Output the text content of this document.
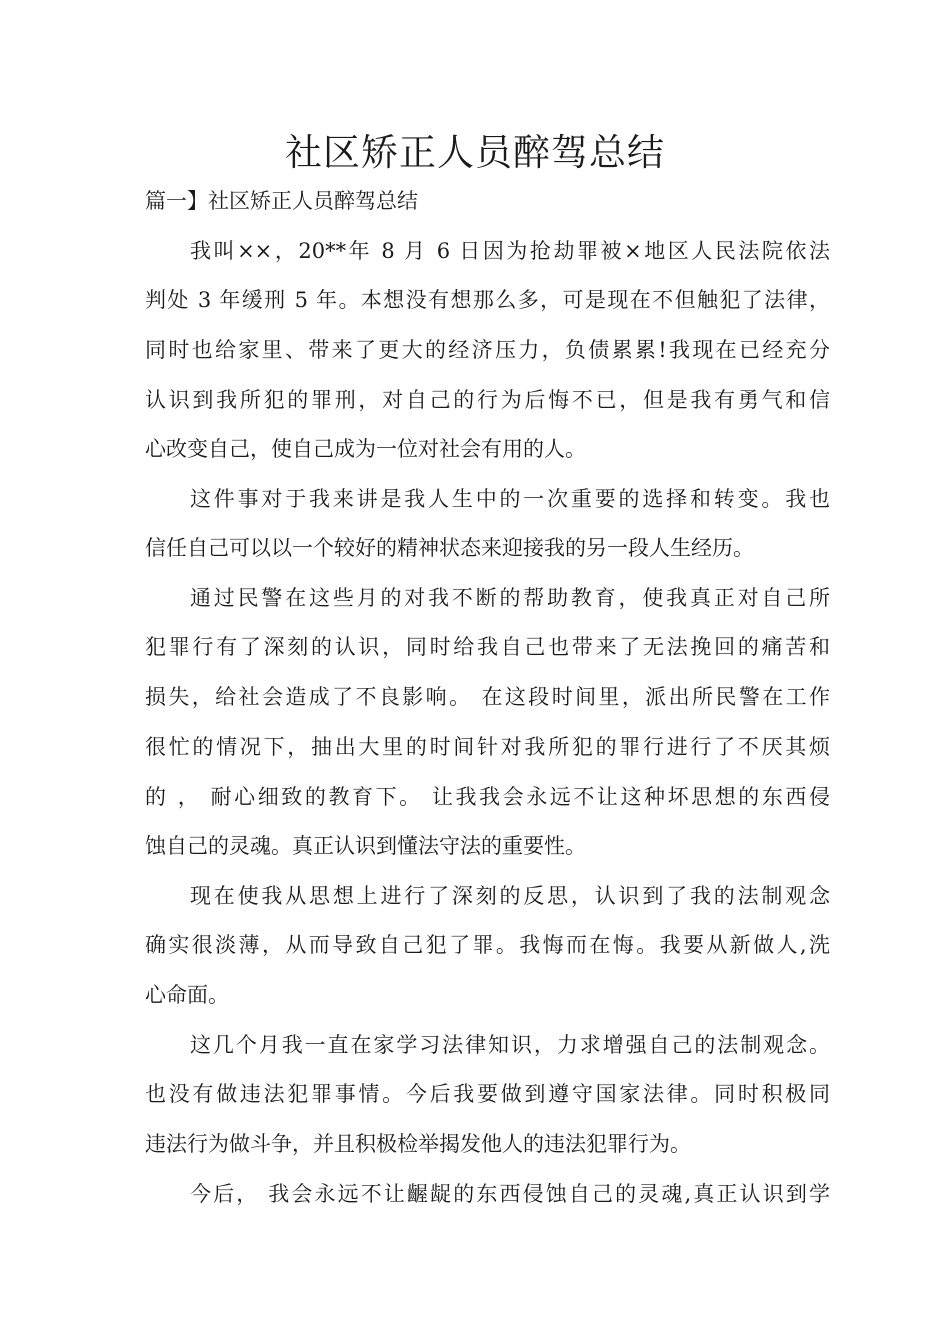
社区矫正人员醉驾总结

篇一】社区矫正人员醉驾总结

我叫××，20**年 8 月 6 日因为抢劫罪被×地区人民法院依法

判处 3 年缓刑 5 年。本想没有想那么多，可是现在不但触犯了法律，

同时也给家里、带来了更大的经济压力，负债累累!我现在已经充分

认识到我所犯的罪刑，对自己的行为后悔不已，但是我有勇气和信

心改变自己，使自己成为一位对社会有用的人。

这件事对于我来讲是我人生中的一次重要的选择和转变。我也

信任自己可以以一个较好的精神状态来迎接我的另一段人生经历。

通过民警在这些月的对我不断的帮助教育，使我真正对自己所

犯罪行有了深刻的认识，同时给我自己也带来了无法挽回的痛苦和

损失，给社会造成了不良影响。 在这段时间里，派出所民警在工作

很忙的情况下，抽出大里的时间针对我所犯的罪行进行了不厌其烦

的 ， 耐心细致的教育下。 让我我会永远不让这种坏思想的东西侵

蚀自己的灵魂。真正认识到懂法守法的重要性。

现在使我从思想上进行了深刻的反思，认识到了我的法制观念

确实很淡薄，从而导致自己犯了罪。我悔而在悔。我要从新做人,洗

心命面。

这几个月我一直在家学习法律知识，力求增强自己的法制观念。

也没有做违法犯罪事情。今后我要做到遵守国家法律。同时积极同

违法行为做斗争，并且积极检举揭发他人的违法犯罪行为。

今后， 我会永远不让齷龊的东西侵蚀自己的灵魂,真正认识到学
